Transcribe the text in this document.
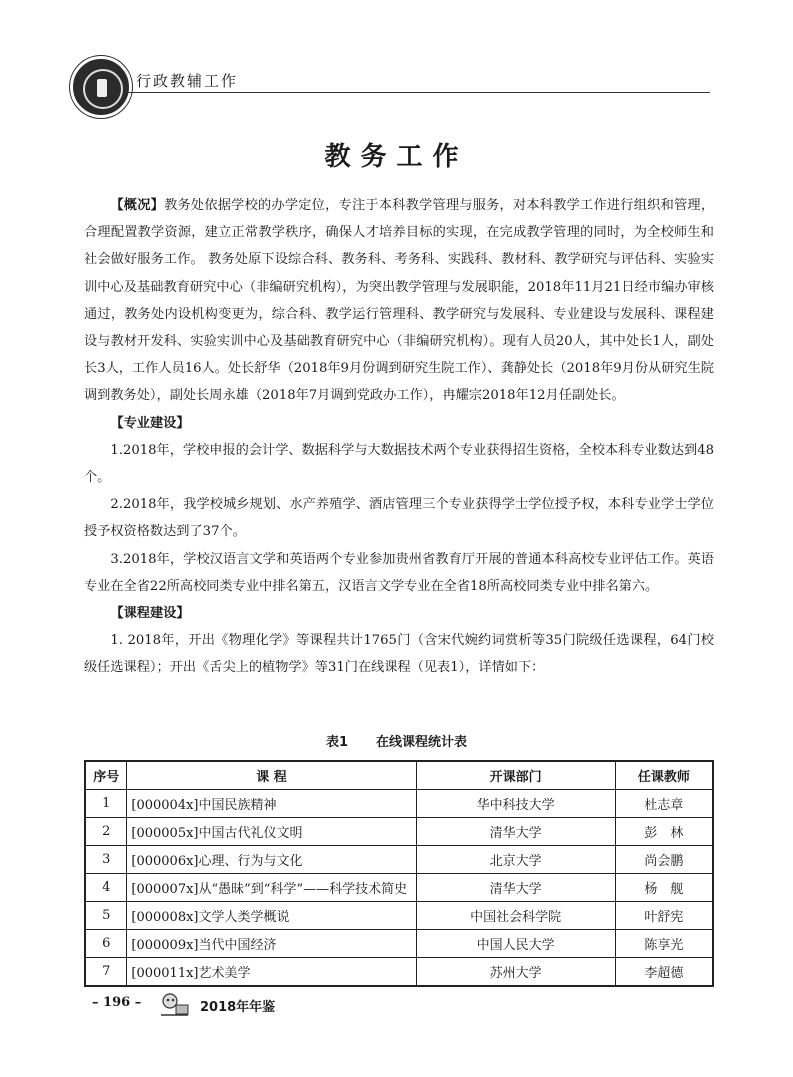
行政教辅工作
教务工作

【概况】教务处依据学校的办学定位，专注于本科教学管理与服务，对本科教学工作进行组织和管理，合理配置教学资源，建立正常教学秩序，确保人才培养目标的实现，在完成教学管理的同时，为全校师生和社会做好服务工作。 教务处原下设综合科、教务科、考务科、实践科、教材科、教学研究与评估科、实验实训中心及基础教育研究中心（非编研究机构），为突出教学管理与发展职能，2018年11月21日经市编办审核通过，教务处内设机构变更为，综合科、教学运行管理科、教学研究与发展科、专业建设与发展科、课程建设与教材开发科、实验实训中心及基础教育研究中心（非编研究机构）。现有人员20人，其中处长1人，副处长3人，工作人员16人。处长舒华（2018年9月份调到研究生院工作）、龚静处长（2018年9月份从研究生院调到教务处），副处长周永雄（2018年7月调到党政办工作），冉耀宗2018年12月任副处长。

【专业建设】

1.2018年，学校申报的会计学、数据科学与大数据技术两个专业获得招生资格，全校本科专业数达到48个。

2.2018年，我学校城乡规划、水产养殖学、酒店管理三个专业获得学士学位授予权，本科专业学士学位授予权资格数达到了37个。

3.2018年，学校汉语言文学和英语两个专业参加贵州省教育厅开展的普通本科高校专业评估工作。英语专业在全省22所高校同类专业中排名第五，汉语言文学专业在全省18所高校同类专业中排名第六。

【课程建设】

1. 2018年，开出《物理化学》等课程共计1765门（含宋代婉约词赏析等35门院级任选课程，64门校级任选课程）；开出《舌尖上的植物学》等31门在线课程（见表1），详情如下：

表1 在线课程统计表
序号	课 程	开课部门	任课教师
1	[000004x]中国民族精神	华中科技大学	杜志章
2	[000005x]中国古代礼仪文明	清华大学	彭　林
3	[000006x]心理、行为与文化	北京大学	尚会鹏
4	[000007x]从“愚昧”到“科学”——科学技术简史	清华大学	杨　舰
5	[000008x]文学人类学概说	中国社会科学院	叶舒宪
6	[000009x]当代中国经济	中国人民大学	陈享光
7	[000011x]艺术美学	苏州大学	李超德
– 196 –	2018年年鉴
